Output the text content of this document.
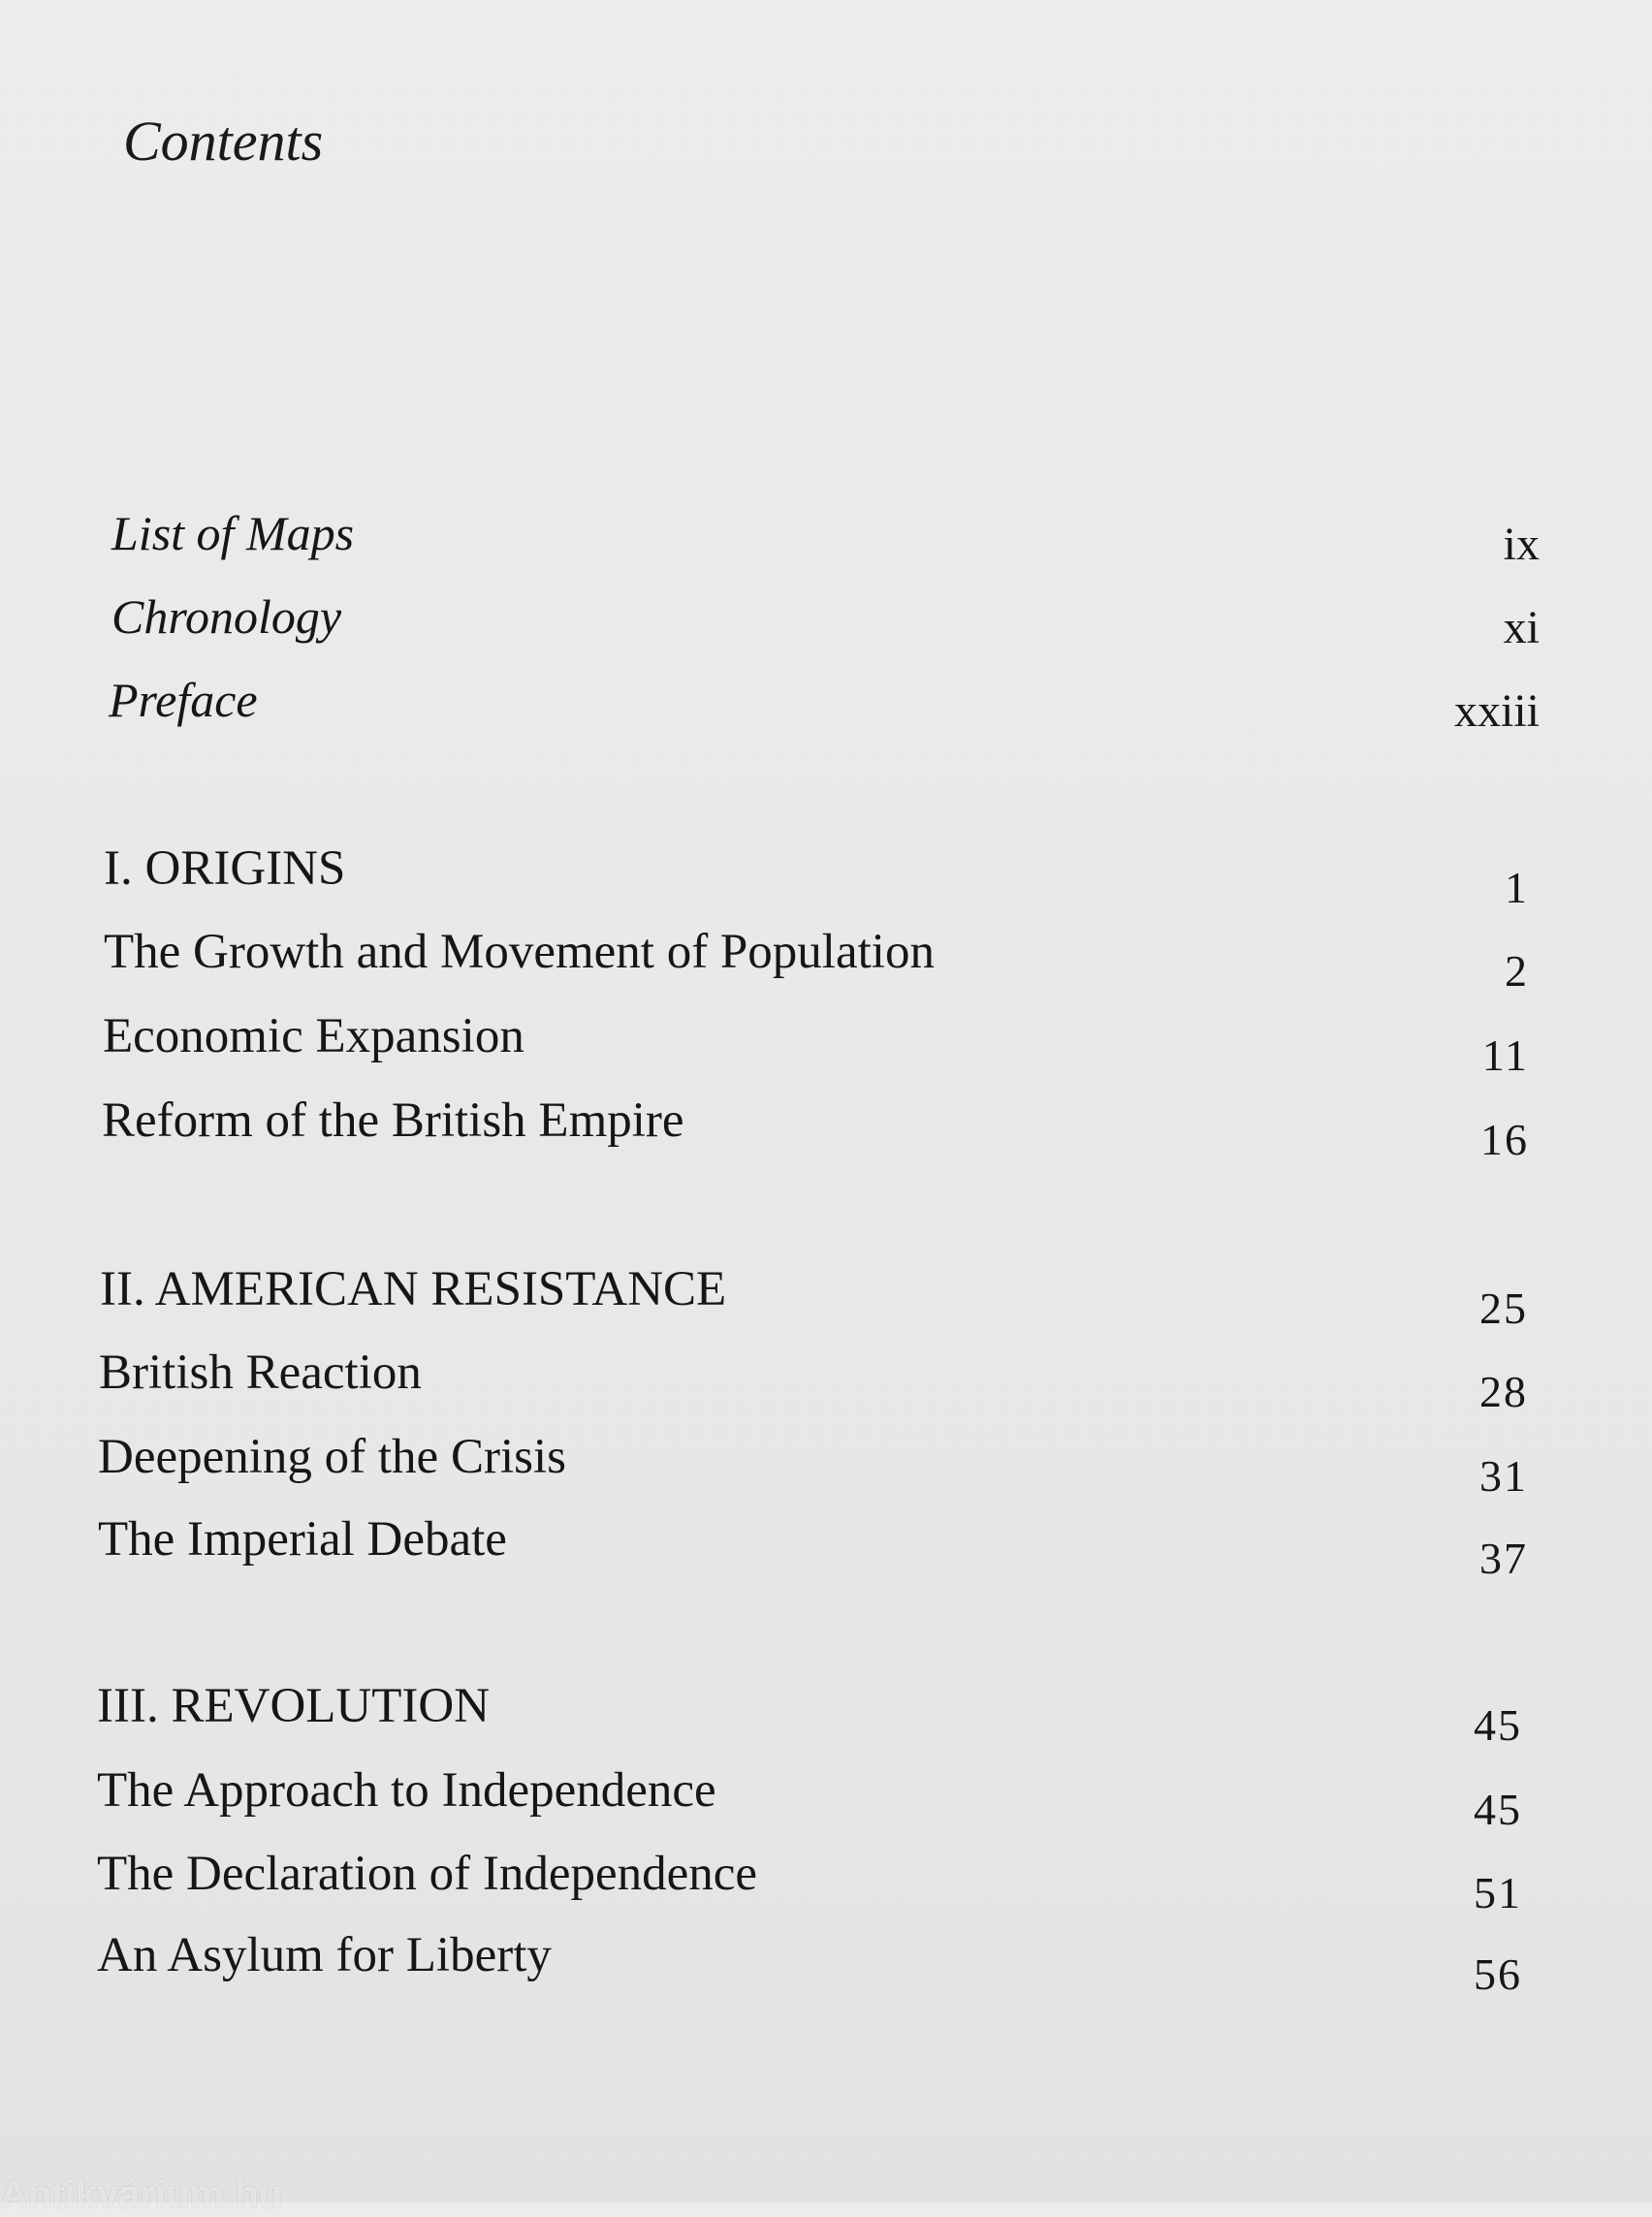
Contents
List of Maps	ix
Chronology	xi
Preface	xxiii
I. ORIGINS	1
The Growth and Movement of Population	2
Economic Expansion	11
Reform of the British Empire	16
II. AMERICAN RESISTANCE	25
British Reaction	28
Deepening of the Crisis	31
The Imperial Debate	37
III. REVOLUTION	45
The Approach to Independence	45
The Declaration of Independence	51
An Asylum for Liberty	56
Antikvárium.hu
